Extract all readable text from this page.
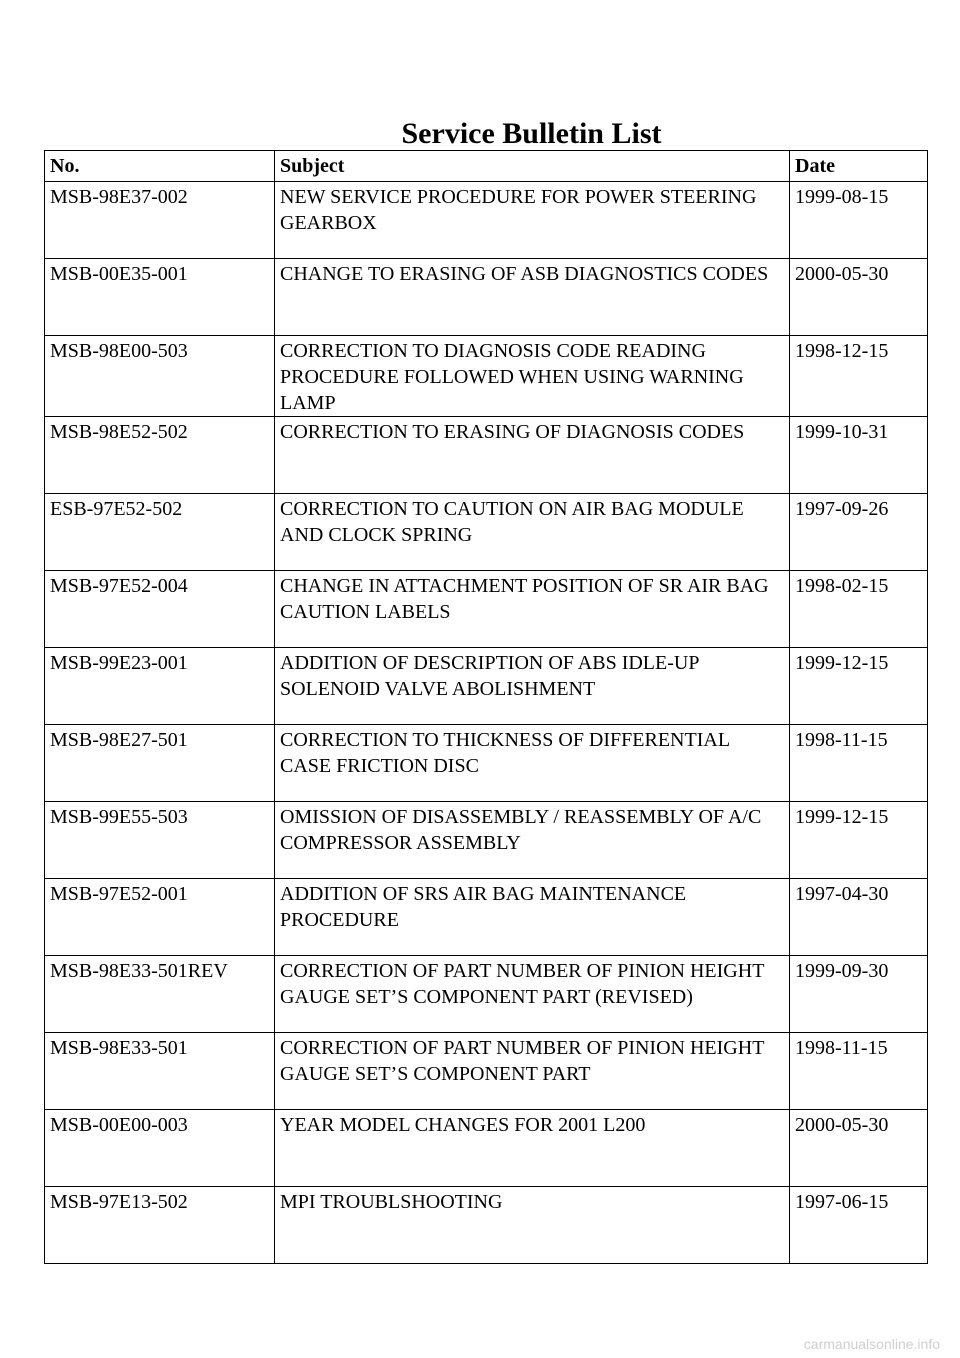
Service Bulletin List
No.	Subject	Date
MSB-98E37-002	NEW SERVICE PROCEDURE FOR POWER STEERING GEARBOX	1999-08-15
MSB-00E35-001	CHANGE TO ERASING OF ASB DIAGNOSTICS CODES	2000-05-30
MSB-98E00-503	CORRECTION TO DIAGNOSIS CODE READING PROCEDURE FOLLOWED WHEN USING WARNING LAMP	1998-12-15
MSB-98E52-502	CORRECTION TO ERASING OF DIAGNOSIS CODES	1999-10-31
ESB-97E52-502	CORRECTION TO CAUTION ON AIR BAG MODULE AND CLOCK SPRING	1997-09-26
MSB-97E52-004	CHANGE IN ATTACHMENT POSITION OF SR AIR BAG CAUTION LABELS	1998-02-15
MSB-99E23-001	ADDITION OF DESCRIPTION OF ABS IDLE-UP SOLENOID VALVE ABOLISHMENT	1999-12-15
MSB-98E27-501	CORRECTION TO THICKNESS OF DIFFERENTIAL CASE FRICTION DISC	1998-11-15
MSB-99E55-503	OMISSION OF DISASSEMBLY / REASSEMBLY OF A/C COMPRESSOR ASSEMBLY	1999-12-15
MSB-97E52-001	ADDITION OF SRS AIR BAG MAINTENANCE PROCEDURE	1997-04-30
MSB-98E33-501REV	CORRECTION OF PART NUMBER OF PINION HEIGHT GAUGE SET’S COMPONENT PART (REVISED)	1999-09-30
MSB-98E33-501	CORRECTION OF PART NUMBER OF PINION HEIGHT GAUGE SET’S COMPONENT PART	1998-11-15
MSB-00E00-003	YEAR MODEL CHANGES FOR 2001 L200	2000-05-30
MSB-97E13-502	MPI TROUBLSHOOTING	1997-06-15
carmanualsonline.info
